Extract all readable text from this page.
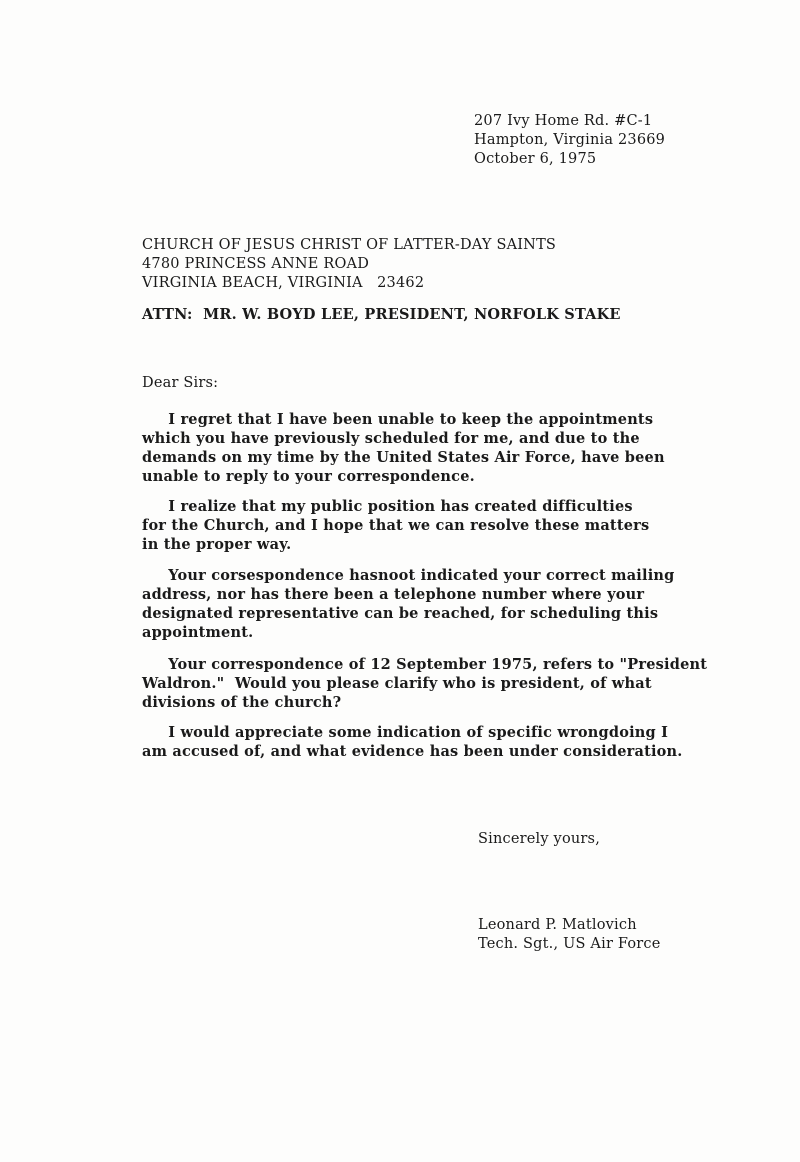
207 Ivy Home Rd. #C-1
Hampton, Virginia 23669
October 6, 1975
CHURCH OF JESUS CHRIST OF LATTER-DAY SAINTS
4780 PRINCESS ANNE ROAD
VIRGINIA BEACH, VIRGINIA   23462
ATTN:  MR. W. BOYD LEE, PRESIDENT, NORFOLK STAKE
Dear Sirs:
I regret that I have been unable to keep the appointments
which you have previously scheduled for me, and due to the
demands on my time by the United States Air Force, have been
unable to reply to your correspondence.
I realize that my public position has created difficulties
for the Church, and I hope that we can resolve these matters
in the proper way.
Your corsespondence hasnoot indicated your correct mailing
address, nor has there been a telephone number where your
designated representative can be reached, for scheduling this
appointment.
Your correspondence of 12 September 1975, refers to "President
Waldron."  Would you please clarify who is president, of what
divisions of the church?
I would appreciate some indication of specific wrongdoing I
am accused of, and what evidence has been under consideration.
Sincerely yours,
Leonard P. Matlovich
Tech. Sgt., US Air Force
